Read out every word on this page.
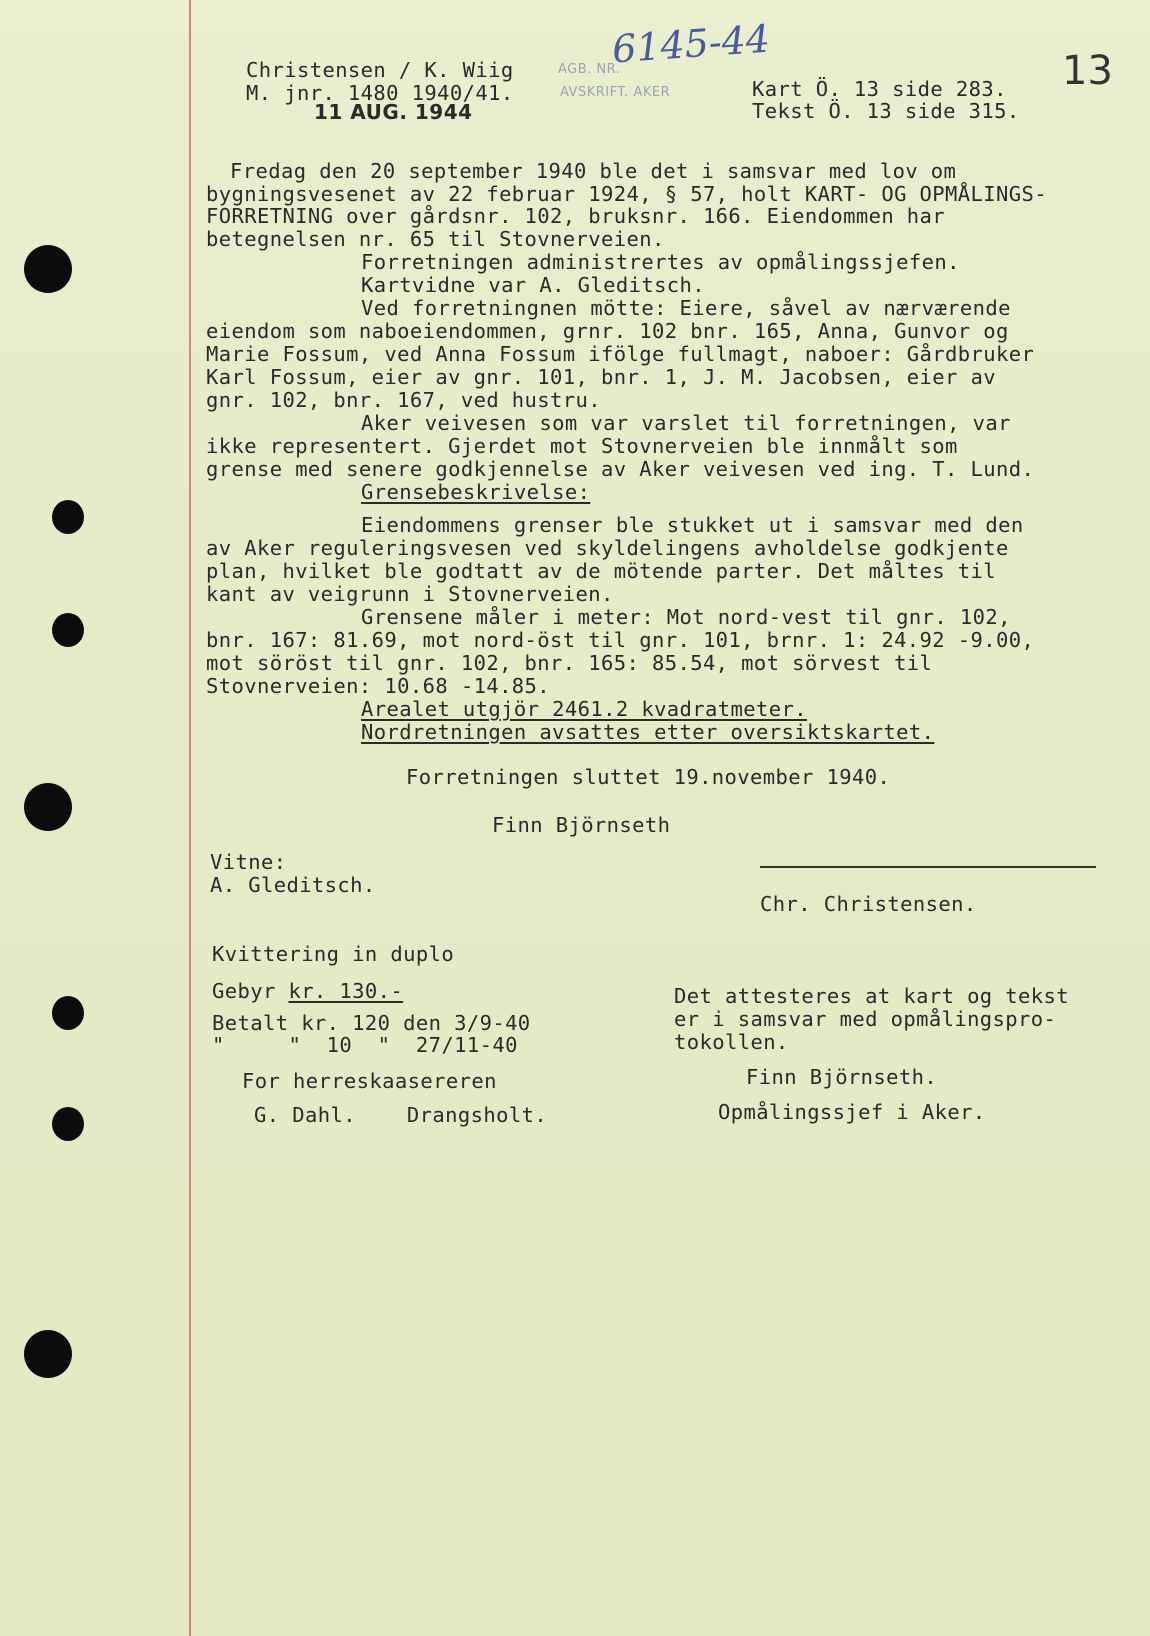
Christensen / K. Wiig
M. jnr. 1480 1940/41.
11 AUG. 1944
AGB. NR.
AVSKRIFT. AKER
6145-44
Kart Ö. 13 side 283.
Tekst Ö. 13 side 315.
13
Fredag den 20 september 1940 ble det i samsvar med lov om
bygningsvesenet av 22 februar 1924, § 57, holt KART- OG OPMÅLINGS-
FORRETNING over gårdsnr. 102, bruksnr. 166. Eiendommen har
betegnelsen nr. 65 til Stovnerveien.
Forretningen administrertes av opmålingssjefen.
Kartvidne var A. Gleditsch.
Ved forretningnen mötte: Eiere, såvel av nærværende
eiendom som naboeiendommen, grnr. 102 bnr. 165, Anna, Gunvor og
Marie Fossum, ved Anna Fossum ifölge fullmagt, naboer: Gårdbruker
Karl Fossum, eier av gnr. 101, bnr. 1, J. M. Jacobsen, eier av
gnr. 102, bnr. 167, ved hustru.
Aker veivesen som var varslet til forretningen, var
ikke representert. Gjerdet mot Stovnerveien ble innmålt som
grense med senere godkjennelse av Aker veivesen ved ing. T. Lund.
Grensebeskrivelse:
Eiendommens grenser ble stukket ut i samsvar med den
av Aker reguleringsvesen ved skyldelingens avholdelse godkjente
plan, hvilket ble godtatt av de mötende parter. Det måltes til
kant av veigrunn i Stovnerveien.
Grensene måler i meter: Mot nord-vest til gnr. 102,
bnr. 167: 81.69, mot nord-öst til gnr. 101, brnr. 1: 24.92 -9.00,
mot söröst til gnr. 102, bnr. 165: 85.54, mot sörvest til
Stovnerveien: 10.68 -14.85.
Arealet utgjör 2461.2 kvadratmeter.
Nordretningen avsattes etter oversiktskartet.
Forretningen sluttet 19.november 1940.
Finn Björnseth
Vitne:
A. Gleditsch.
Chr. Christensen.
Kvittering in duplo
Gebyr kr. 130.-
Betalt kr. 120 den 3/9-40
"     "  10  "  27/11-40
For herreskaasereren
G. Dahl.    Drangsholt.
Det attesteres at kart og tekst
er i samsvar med opmålingspro-
tokollen.
Finn Björnseth.
Opmålingssjef i Aker.
